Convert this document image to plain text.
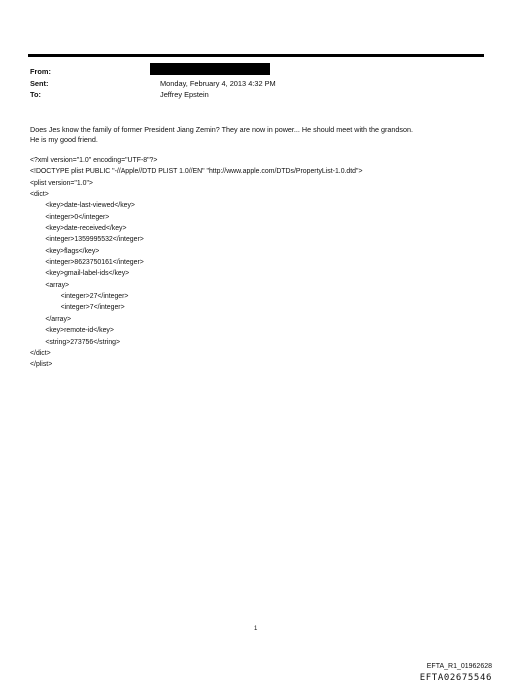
From:
Sent:	Monday, February 4, 2013 4:32 PM
To:	Jeffrey Epstein
Does Jes know the family of former President Jiang Zemin? They are now in power... He should meet with the grandson.
He is my good friend.
<?xml version="1.0" encoding="UTF-8"?>
<!DOCTYPE plist PUBLIC "-//Apple//DTD PLIST 1.0//EN" "http://www.apple.com/DTDs/PropertyList-1.0.dtd">
<plist version="1.0">
<dict>
<key>date-last-viewed</key>
<integer>0</integer>
<key>date-received</key>
<integer>1359995532</integer>
<key>flags</key>
<integer>8623750161</integer>
<key>gmail-label-ids</key>
<array>
<integer>27</integer>
<integer>7</integer>
</array>
<key>remote-id</key>
<string>273756</string>
</dict>
</plist>
1
EFTA_R1_01962628
EFTA02675546
